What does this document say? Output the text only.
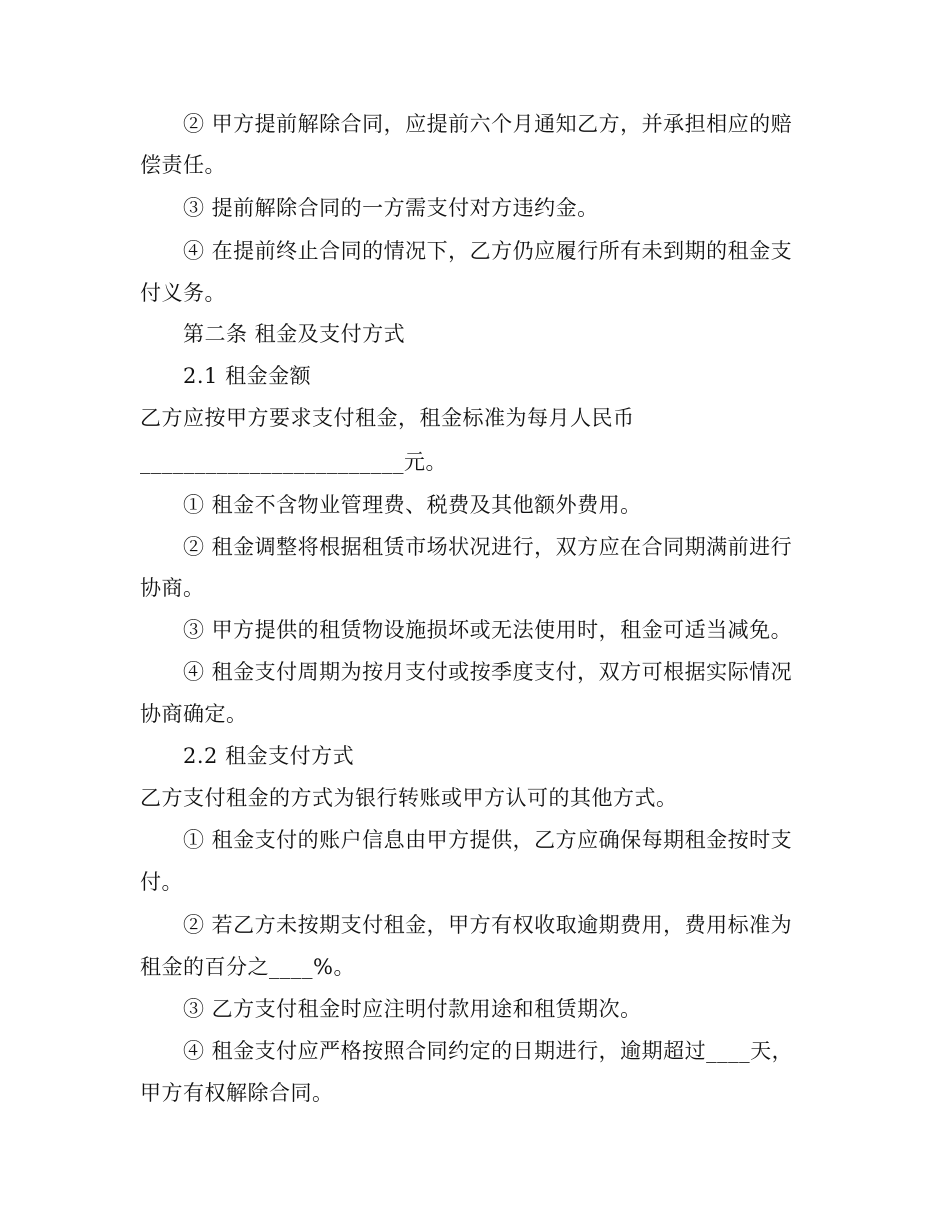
② 甲方提前解除合同，应提前六个月通知乙方，并承担相应的赔
偿责任。
③ 提前解除合同的一方需支付对方违约金。
④ 在提前终止合同的情况下，乙方仍应履行所有未到期的租金支
付义务。
第二条 租金及支付方式
2.1 租金金额
乙方应按甲方要求支付租金，租金标准为每月人民币
________________________元。
① 租金不含物业管理费、税费及其他额外费用。
② 租金调整将根据租赁市场状况进行，双方应在合同期满前进行
协商。
③ 甲方提供的租赁物设施损坏或无法使用时，租金可适当减免。
④ 租金支付周期为按月支付或按季度支付，双方可根据实际情况
协商确定。
2.2 租金支付方式
乙方支付租金的方式为银行转账或甲方认可的其他方式。
① 租金支付的账户信息由甲方提供，乙方应确保每期租金按时支
付。
② 若乙方未按期支付租金，甲方有权收取逾期费用，费用标准为
租金的百分之____%。
③ 乙方支付租金时应注明付款用途和租赁期次。
④ 租金支付应严格按照合同约定的日期进行，逾期超过____天，
甲方有权解除合同。
